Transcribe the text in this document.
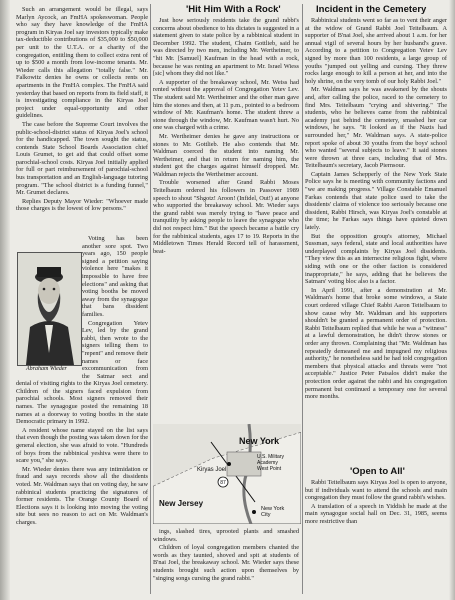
Such an arrangement would be illegal, says Marlyn Aycock, an FmHA spokeswoman. People who say they have knowledge of the FmHA program in Kiryas Joel say investors typically make tax-deductible contributions of $35,000 to $50,000 per unit to the U.T.A. or a charity of the congregation, entitling them to collect extra rent of up to $500 a month from low-income tenants. Mr. Wieder calls this allegation "totally false." Mr. Falkowitz denies he owns or collects rents on apartments in the FmHA complex. The FmHA said yesterday that based on reports from its field staff, it is investigating compliance in the Kiryas Joel project under equal-opportunity and other guidelines.

The case before the Supreme Court involves the public-school-district status of Kiryas Joel's school for the handicapped. The town sought the status, contends State School Boards Association chief Louis Grumet, to get aid that could offset some parochial-school costs. Kiryas Joel initially applied for full or part reimbursement of parochial-school bus transportation and an English-language tutoring program. "The school district is a funding funnel," Mr. Grumet declares.

Replies Deputy Mayor Wieder: "Whoever made those charges is the lowest of low persons."

Voting has been another sore spot. Two years ago, 150 people signed a petition saying violence here "makes it impossible to have free elections" and asking that voting booths be moved away from the synagogue that bans dissident families.

Congregation Yetev Lev, led by the grand rabbi, then wrote to the signers telling them to "repent" and remove their names or face excommunication from the Satmar sect and denial of visiting rights to the Kiryas Joel cemetery. Children of the signers faced expulsion from parochial schools. Most signers removed their names. The synagogue posted the remaining 18 names at a doorway to voting booths in the state Democratic primary in 1992.

A resident whose name stayed on the list says that even though the posting was taken down for the general election, she was afraid to vote. "Hundreds of boys from the rabbinical yeshiva were there to scare you," she says.

Mr. Wieder denies there was any intimidation or fraud and says records show all the dissidents voted. Mr. Waldman says that on voting day, he saw rabbinical students practicing the signatures of former residents. The Orange County Board of Elections says it is looking into moving the voting site but sees no reason to act on Mr. Waldman's charges.

Abraham Wieder
'Hit Him With a Rock'

Just how seriously residents take the grand rabbi's concerns about obedience to his dictates is suggested in a statement given to state police by a rabbinical student in December 1992. The student, Chaim Gottlieb, said he was directed by two men, including Mr. Wertheimer, to "hit Mr. [Samuel] Kaufman in the head with a rock, because he was renting an apartment to Mr. Israel Wiess [sic] whom they did not like."

A supporter of the breakaway school, Mr. Weiss had rented without the approval of Congregation Yetev Lev. The student said Mr. Wertheimer and the other man gave him the stones and then, at 11 p.m., pointed to a bedroom window of Mr. Kaufman's home. The student threw a stone through the window, Mr. Kaufman wasn't hurt. No one was charged with a crime.

Mr. Wertheimer denies he gave any instructions or stones to Mr. Gottlieb. He also contends that Mr. Waldman coerced the student into naming Mr. Wertheimer, and that in return for naming him, the student got the charges against himself dropped. Mr. Waldman rejects the Wertheimer account.

Trouble worsened after Grand Rabbi Moses Teitelbaum ordered his followers in Passover 1989 speech to shout "Shgotz! Aroon! (Infidel, Out!) at anyone who supported the breakaway school. Mr. Wieder says the grand rabbi was merely trying to "have peace and tranquility by asking people to leave the synagogue who did not respect him." But the speech became a battle cry for the rabbinical students, ages 17 to 19. Reports in the Middletown Times Herald Record tell of harassment, beat-

87
New York
Kiryas Joel
U.S. Military
Academy
West Point
New Jersey
New York
City

ings, slashed tires, uprooted plants and smashed windows.

Children of loyal congregation members chanted the words as they taunted, shoved and spit at students of B'nai Joel, the breakaway school. Mr. Wieder says these students brought such action upon themselves by "singing songs cursing the grand rabbi."

Incident in the Cemetery

Rabbinical students went so far as to vent their anger at the widow of Grand Rabbi Joel Teitelbaum. A supporter of B'nai Joel, she arrived about 1 a.m. for her annual vigil of several hours by her husband's grave. According to a petition to Congregation Yetev Lev signed by more than 100 residents, a large group of youths "jumped out yelling and cursing. They threw rocks large enough to kill a person at her, and into the holy shrine, on the very tomb of our holy Rabbi Joel."

Mr. Waldman says he was awakened by the shouts and, after calling the police, raced to the cemetery to find Mrs. Teitelbaum "crying and shivering." The students, who he believes came from the rabbinical academy just behind the cemetery, smashed her car windows, he says. "It looked as if the Nazis had surrounded her," Mr. Waldman says. A state-police report spoke of about 30 youths from the boys' school who wanted "several subjects to leave." It said stones were thrown at three cars, including that of Mrs. Teitelbaum's secretary, Jacob Piernsour.

Captain James Schepperly of the New York State Police says he is meeting with community factions and "we are making progress." Village Constable Emanuel Farkas contends that state police used to take the dissidents' claims of violence too seriously because one dissident, Rabbi Hirsch, was Kiryas Joel's constable at the time; he Farkas says things have quieted down lately.

But the opposition group's attorney, Michael Sussman, says federal, state and local authorities have underplayed complaints by Kiryas Joel dissidents. "They view this as an internecine religious fight, where siding with one or the other faction is considered inappropriate," he says, adding that he believes the Satmars' voting bloc also is a factor.

In April 1991, after a demonstration at Mr. Waldman's home that broke some windows, a State court ordered village Chief Rabbi Aaron Teitelbaum to show cause why Mr. Waldman and his supporters shouldn't be granted a permanent order of protection. Rabbi Teitelbaum replied that while he was a "witness" at a lawful demonstration, he didn't throw stones or order any thrown. Complaining that "Mr. Waldman has repeatedly demeaned me and impugned my religious authority," he nonetheless said he had told congregation members that physical attacks and threats were "not acceptable." Justice Peter Patsalos didn't make the protection order against the rabbi and his congregation permanent but continued a temporary one for several more months.

'Open to All'

Rabbi Teitelbaum says Kiryas Joel is open to anyone, but if individuals want to attend the schools and main congregation they must follow the grand rabbi's wishes.

A translation of a speech in Yiddish he made at the main synagogue social hall on Dec. 31, 1985, seems more restrictive than
